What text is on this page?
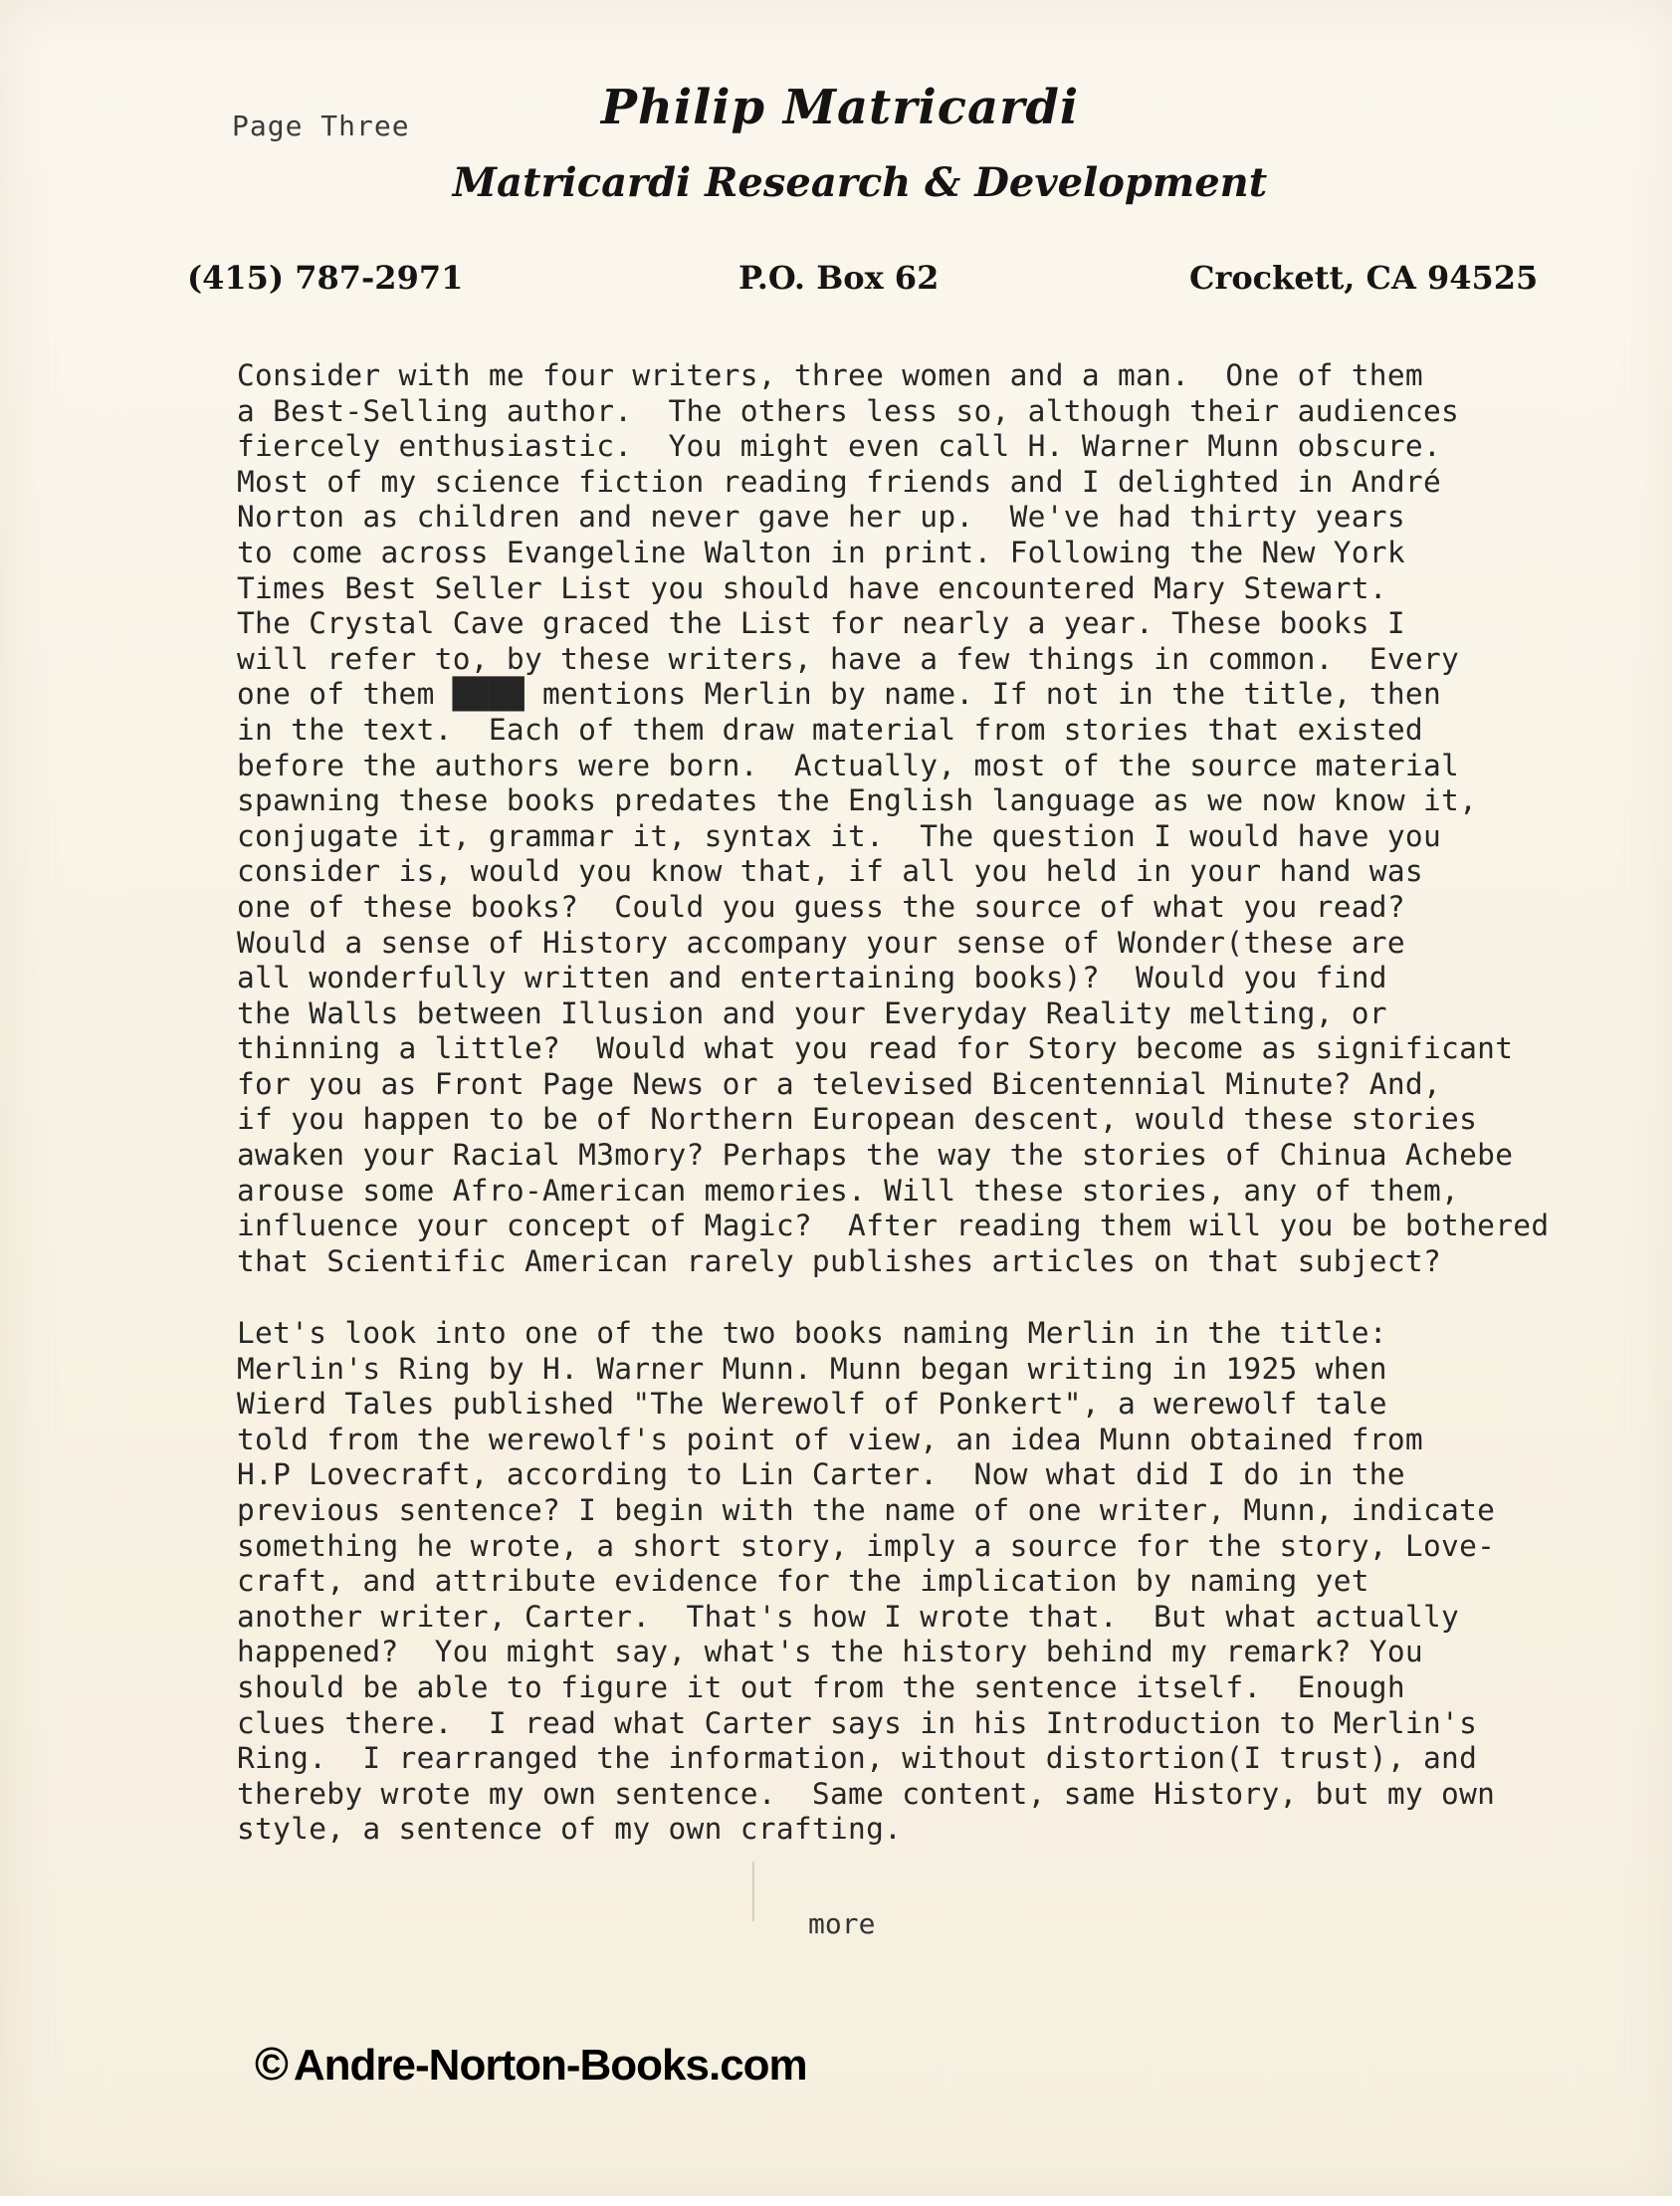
Page Three	Philip Matricardi
Matricardi Research & Development
(415) 787-2971	P.O. Box 62	Crockett, CA 94525
Consider with me four writers, three women and a man.  One of them
a Best-Selling author.  The others less so, although their audiences
fiercely enthusiastic.  You might even call H. Warner Munn obscure.
Most of my science fiction reading friends and I delighted in André
Norton as children and never gave her up.  We've had thirty years
to come across Evangeline Walton in print. Following the New York
Times Best Seller List you should have encountered Mary Stewart.
The Crystal Cave graced the List for nearly a year. These books I
will refer to, by these writers, have a few things in common.  Every
one of them ████ mentions Merlin by name. If not in the title, then
in the text.  Each of them draw material from stories that existed
before the authors were born.  Actually, most of the source material
spawning these books predates the English language as we now know it,
conjugate it, grammar it, syntax it.  The question I would have you
consider is, would you know that, if all you held in your hand was
one of these books?  Could you guess the source of what you read?
Would a sense of History accompany your sense of Wonder(these are
all wonderfully written and entertaining books)?  Would you find
the Walls between Illusion and your Everyday Reality melting, or
thinning a little?  Would what you read for Story become as significant
for you as Front Page News or a televised Bicentennial Minute? And,
if you happen to be of Northern European descent, would these stories
awaken your Racial M3mory? Perhaps the way the stories of Chinua Achebe
arouse some Afro-American memories. Will these stories, any of them,
influence your concept of Magic?  After reading them will you be bothered
that Scientific American rarely publishes articles on that subject?
Let's look into one of the two books naming Merlin in the title:
Merlin's Ring by H. Warner Munn. Munn began writing in 1925 when
Wierd Tales published "The Werewolf of Ponkert", a werewolf tale
told from the werewolf's point of view, an idea Munn obtained from
H.P Lovecraft, according to Lin Carter.  Now what did I do in the
previous sentence? I begin with the name of one writer, Munn, indicate
something he wrote, a short story, imply a source for the story, Love-
craft, and attribute evidence for the implication by naming yet
another writer, Carter.  That's how I wrote that.  But what actually
happened?  You might say, what's the history behind my remark? You
should be able to figure it out from the sentence itself.  Enough
clues there.  I read what Carter says in his Introduction to Merlin's
Ring.  I rearranged the information, without distortion(I trust), and
thereby wrote my own sentence.  Same content, same History, but my own
style, a sentence of my own crafting.
more
© Andre-Norton-Books.com
